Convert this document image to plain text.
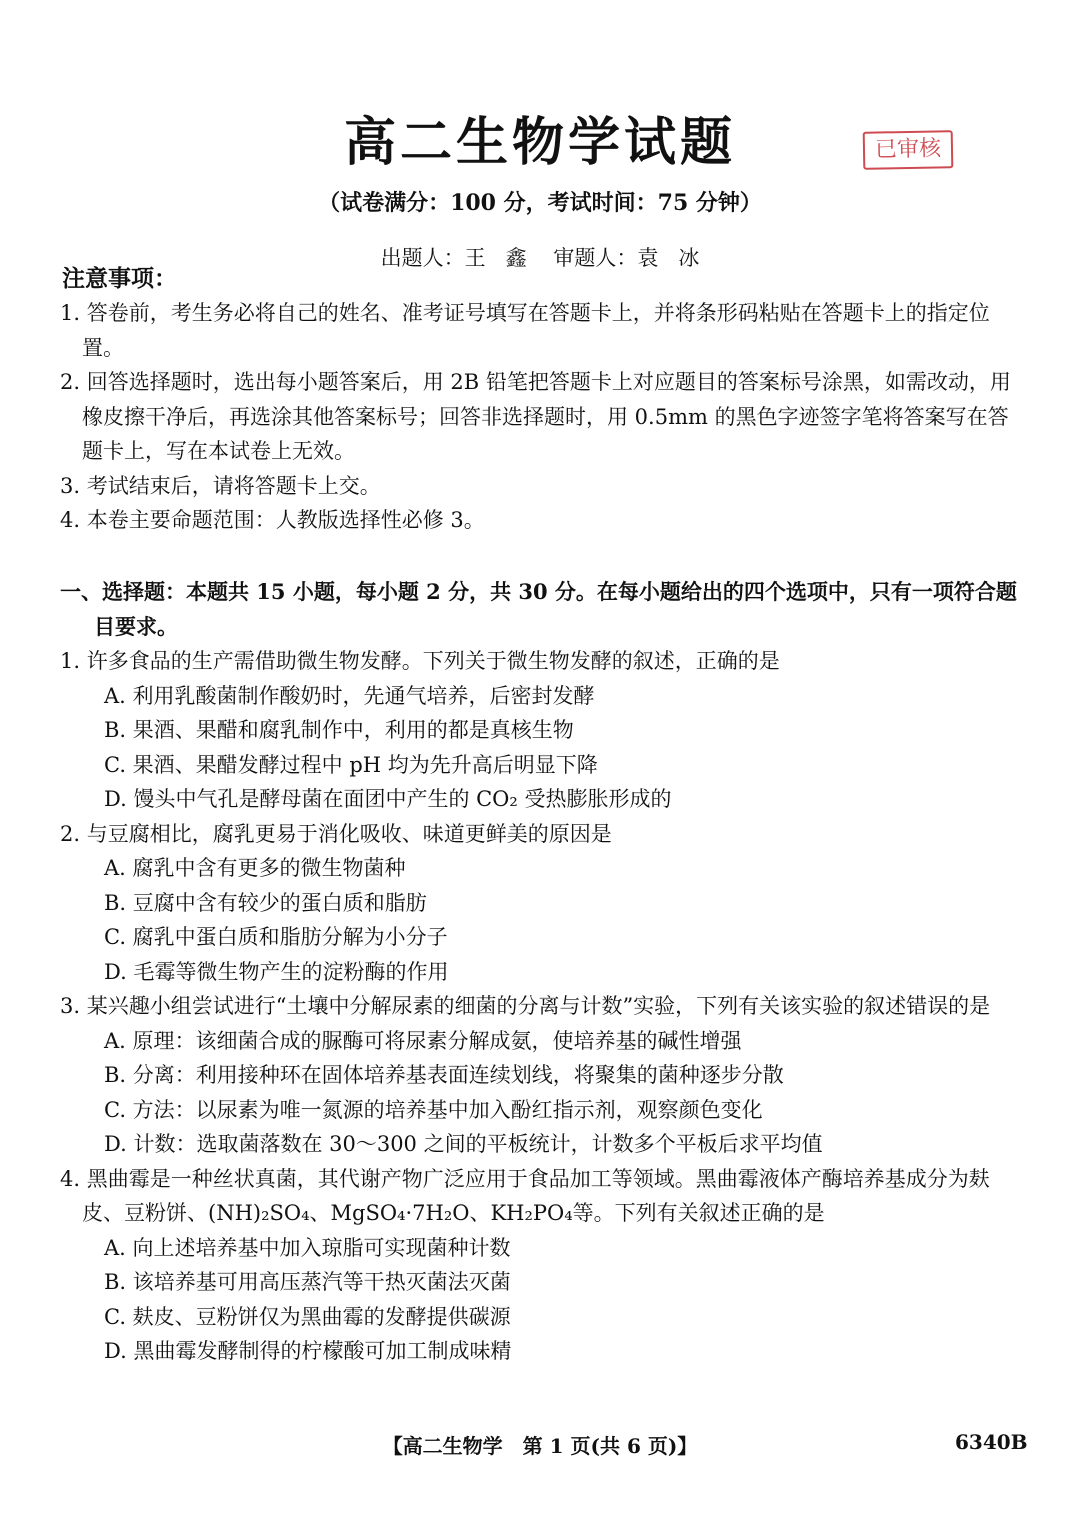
高二生物学试题	已审核
（试卷满分：100 分，考试时间：75 分钟）
出题人：王   鑫    审题人：袁   冰
注意事项：
1. 答卷前，考生务必将自己的姓名、准考证号填写在答题卡上，并将条形码粘贴在答题卡上的指定位置。
2. 回答选择题时，选出每小题答案后，用 2B 铅笔把答题卡上对应题目的答案标号涂黑，如需改动，用橡皮擦干净后，再选涂其他答案标号；回答非选择题时，用 0.5mm 的黑色字迹签字笔将答案写在答题卡上，写在本试卷上无效。
3. 考试结束后，请将答题卡上交。
4. 本卷主要命题范围：人教版选择性必修 3。
一、选择题：本题共 15 小题，每小题 2 分，共 30 分。在每小题给出的四个选项中，只有一项符合题目要求。
1. 许多食品的生产需借助微生物发酵。下列关于微生物发酵的叙述，正确的是
A. 利用乳酸菌制作酸奶时，先通气培养，后密封发酵
B. 果酒、果醋和腐乳制作中，利用的都是真核生物
C. 果酒、果醋发酵过程中 pH 均为先升高后明显下降
D. 馒头中气孔是酵母菌在面团中产生的 CO₂ 受热膨胀形成的
2. 与豆腐相比，腐乳更易于消化吸收、味道更鲜美的原因是
A. 腐乳中含有更多的微生物菌种
B. 豆腐中含有较少的蛋白质和脂肪
C. 腐乳中蛋白质和脂肪分解为小分子
D. 毛霉等微生物产生的淀粉酶的作用
3. 某兴趣小组尝试进行“土壤中分解尿素的细菌的分离与计数”实验，下列有关该实验的叙述错误的是
A. 原理：该细菌合成的脲酶可将尿素分解成氨，使培养基的碱性增强
B. 分离：利用接种环在固体培养基表面连续划线，将聚集的菌种逐步分散
C. 方法：以尿素为唯一氮源的培养基中加入酚红指示剂，观察颜色变化
D. 计数：选取菌落数在 30～300 之间的平板统计，计数多个平板后求平均值
4. 黑曲霉是一种丝状真菌，其代谢产物广泛应用于食品加工等领域。黑曲霉液体产酶培养基成分为麸皮、豆粉饼、(NH)₂SO₄、MgSO₄·7H₂O、KH₂PO₄等。下列有关叙述正确的是
A. 向上述培养基中加入琼脂可实现菌种计数
B. 该培养基可用高压蒸汽等干热灭菌法灭菌
C. 麸皮、豆粉饼仅为黑曲霉的发酵提供碳源
D. 黑曲霉发酵制得的柠檬酸可加工制成味精
【高二生物学　第 1 页(共 6 页)】	6340B
